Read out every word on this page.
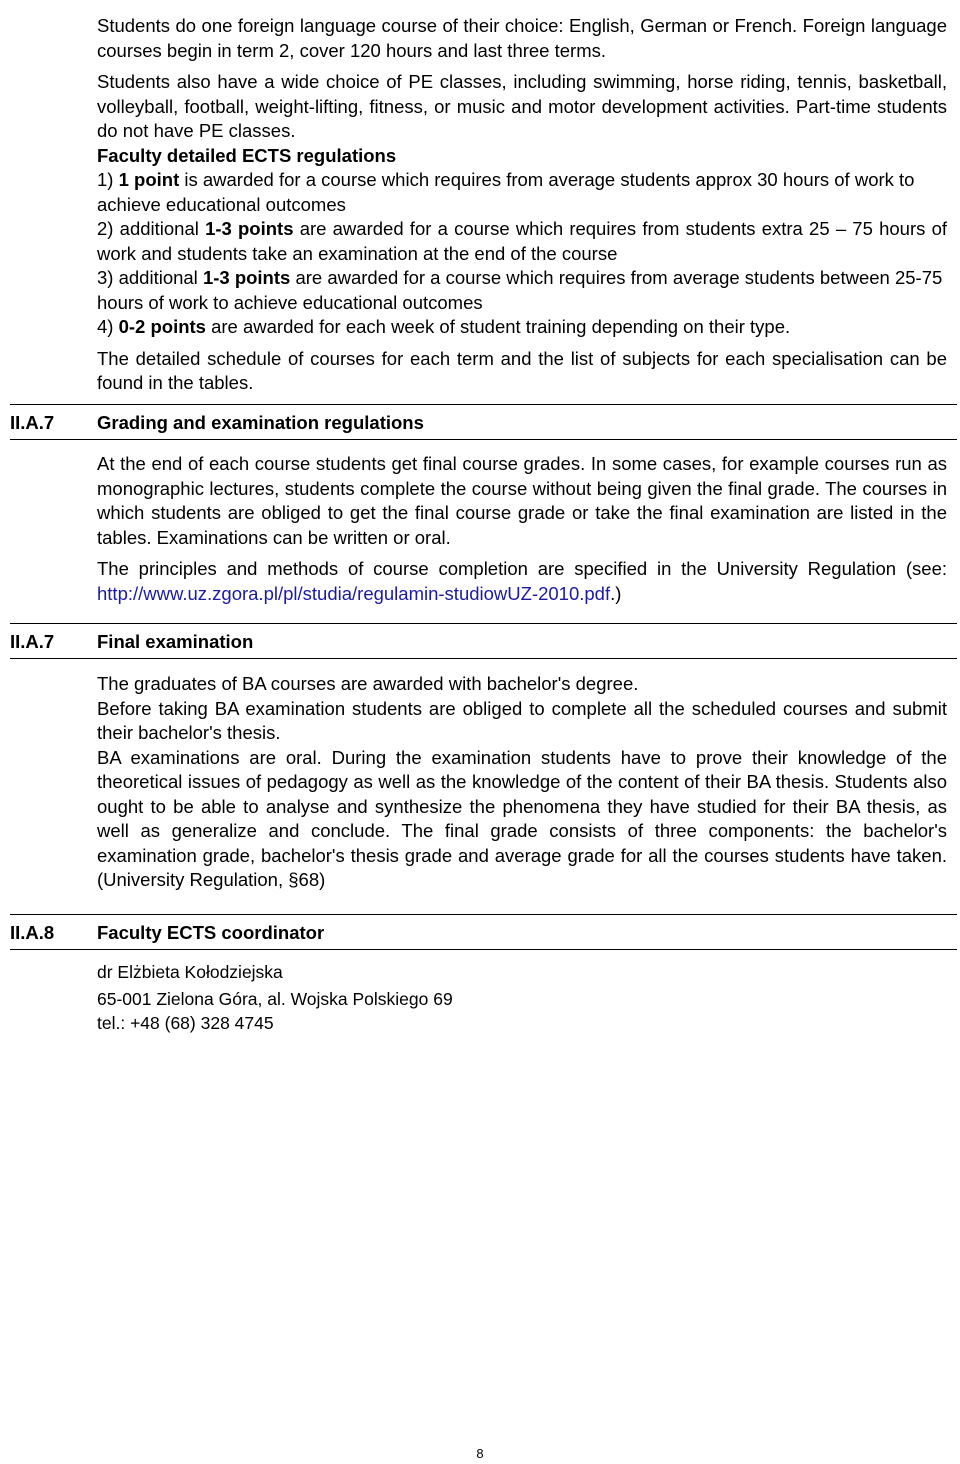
Students do one foreign language course of their choice: English, German or French. Foreign language courses begin in term 2, cover 120 hours and last three terms.

Students also have a wide choice of PE classes, including swimming, horse riding, tennis, basketball, volleyball, football, weight-lifting, fitness, or music and motor development activities. Part-time students do not have PE classes.

Faculty detailed ECTS regulations

1) 1 point is awarded for a course which requires from average students approx 30 hours of work to achieve educational outcomes

2) additional 1-3 points are awarded for a course which requires from students extra 25 – 75 hours of work and students take an examination at the end of the course

3) additional 1-3 points are awarded for a course which requires from average students between 25-75 hours of work to achieve educational outcomes

4) 0-2 points are awarded for each week of student training depending on their type.

The detailed schedule of courses for each term and the list of subjects for each specialisation can be found in the tables.

II.A.7 Grading and examination regulations

At the end of each course students get final course grades. In some cases, for example courses run as monographic lectures, students complete the course without being given the final grade. The courses in which students are obliged to get the final course grade or take the final examination are listed in the tables. Examinations can be written or oral.

The principles and methods of course completion are specified in the University Regulation (see: http://www.uz.zgora.pl/pl/studia/regulamin-studiowUZ-2010.pdf.)

II.A.7 Final examination

The graduates of BA courses are awarded with bachelor's degree.

Before taking BA examination students are obliged to complete all the scheduled courses and submit their bachelor's thesis.

BA examinations are oral. During the examination students have to prove their knowledge of the theoretical issues of pedagogy as well as the knowledge of the content of their BA thesis. Students also ought to be able to analyse and synthesize the phenomena they have studied for their BA thesis, as well as generalize and conclude. The final grade consists of three components: the bachelor's examination grade, bachelor's thesis grade and average grade for all the courses students have taken. (University Regulation, §68)

II.A.8 Faculty ECTS coordinator

dr Elżbieta Kołodziejska

65-001 Zielona Góra, al. Wojska Polskiego 69

tel.: +48 (68) 328 4745

8
